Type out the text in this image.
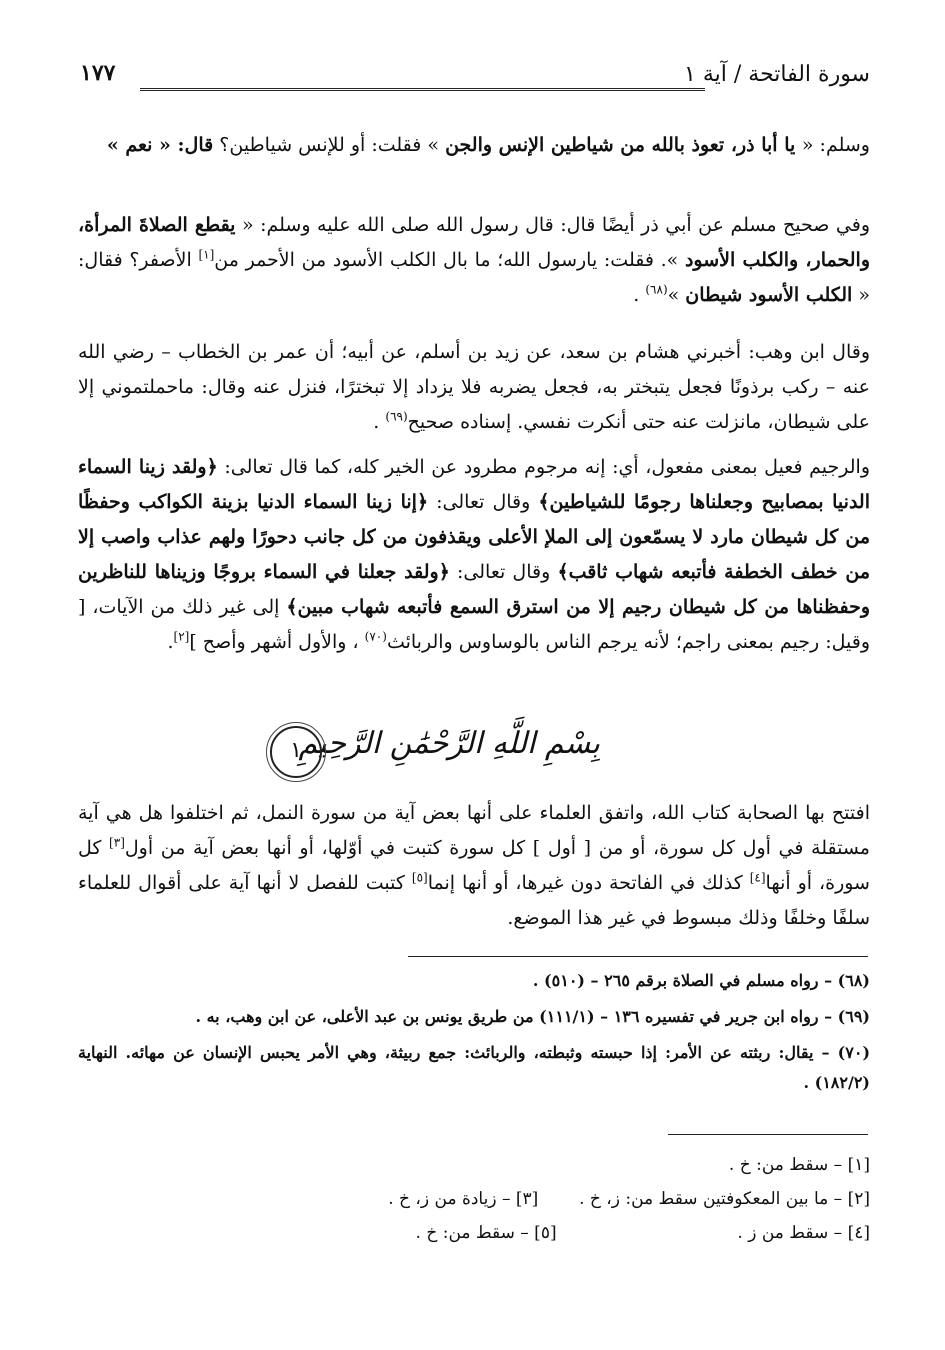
سورة الفاتحة / آية ١
١٧٧
وسلم: « يا أبا ذر، تعوذ بالله من شياطين الإنس والجن » فقلت: أو للإنس شياطين؟ قال: « نعم »
وفي صحيح مسلم عن أبي ذر أيضًا قال: قال رسول الله صلى الله عليه وسلم: « يقطع الصلاةَ المرأة، والحمار، والكلب الأسود ». فقلت: يارسول الله؛ ما بال الكلب الأسود من الأحمر من[١] الأصفر؟ فقال: « الكلب الأسود شيطان »$^{(٦٨)}$ .
وقال ابن وهب: أخبرني هشام بن سعد، عن زيد بن أسلم، عن أبيه؛ أن عمر بن الخطاب – رضي الله عنه – ركب برذونًا فجعل يتبختر به، فجعل يضربه فلا يزداد إلا تبخترًا، فنزل عنه وقال: ماحملتموني إلا على شيطان، مانزلت عنه حتى أنكرت نفسي. إسناده صحيح$^{(٦٩)}$ .
والرجيم فعيل بمعنى مفعول، أي: إنه مرجوم مطرود عن الخير كله، كما قال تعالى: ﴿ولقد زينا السماء الدنيا بمصابيح وجعلناها رجومًا للشياطين﴾ وقال تعالى: ﴿إنا زينا السماء الدنيا بزينة الكواكب وحفظًا من كل شيطان مارد لا يسمّعون إلى الملإ الأعلى ويقذفون من كل جانب دحورًا ولهم عذاب واصب إلا من خطف الخطفة فأتبعه شهاب ثاقب﴾ وقال تعالى: ﴿ولقد جعلنا في السماء بروجًا وزيناها للناظرين وحفظناها من كل شيطان رجيم إلا من استرق السمع فأتبعه شهاب مبين﴾ إلى غير ذلك من الآيات، [ وقيل: رجيم بمعنى راجم؛ لأنه يرجم الناس بالوساوس والربائث$^{(٧٠)}$ ، والأول أشهر وأصح ][٢].
بِسْمِ اللَّهِ الرَّحْمَٰنِ الرَّحِيمِ
١
افتتح بها الصحابة كتاب الله، واتفق العلماء على أنها بعض آية من سورة النمل، ثم اختلفوا هل هي آية مستقلة في أول كل سورة، أو من [ أول ] كل سورة كتبت في أوّلها، أو أنها بعض آية من أول[٣] كل سورة، أو أنها[٤] كذلك في الفاتحة دون غيرها، أو أنها إنما[٥] كتبت للفصل لا أنها آية على أقوال للعلماء سلفًا وخلفًا وذلك مبسوط في غير هذا الموضع.
(٦٨) – رواه مسلم في الصلاة برقم ٢٦٥ – (٥١٠) .
(٦٩) – رواه ابن جرير في تفسيره ١٣٦ – (١١١/١) من طريق يونس بن عبد الأعلى، عن ابن وهب، به .
(٧٠) – يقال: ربثته عن الأمر: إذا حبسته وثبطته، والربائث: جمع ربيثة، وهي الأمر يحبس الإنسان عن مهائه. النهاية (١٨٢/٢) .
[١] – سقط من: خ .
[٢] – ما بين المعكوفتين سقط من: ز، خ .  [٣] – زيادة من ز، خ .
[٤] – سقط من ز .  [٥] – سقط من: خ .
